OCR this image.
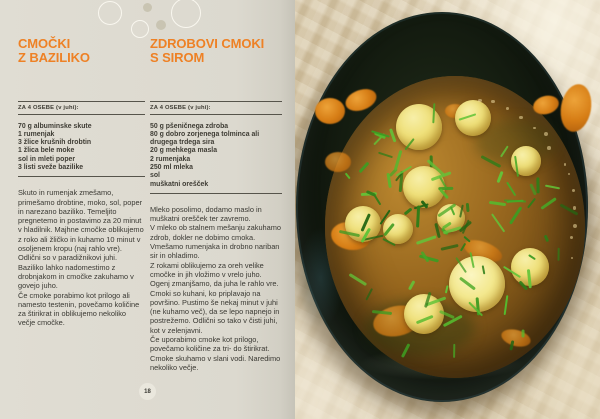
CMOČKI
Z BAZILIKO
ZA 4 OSEBE (v juhi):
70 g albuminske skute
1 rumenjak
3 žlice krušnih drobtin
1 žlica bele moke
sol in mleti poper
3 listi sveže bazilike

Skuto in rumenjak zmešamo, primešamo drobtine, moko, sol, poper in narezano baziliko. Temeljito pregnetemo in postavimo za 20 minut v hladilnik. Majhne cmočke oblikujemo z roko ali žličko in kuhamo 10 minut v osoljenem kropu (naj rahlo vre). Odlični so v paradižnikovi juhi.

Baziliko lahko nadomestimo z drobnjakom in cmočke zakuhamo v govejo juho.

Če cmoke porabimo kot prilogo ali namesto testenin, povečamo količine za štirikrat in oblikujemo nekoliko večje cmočke.

ZDROBOVI CMOKI
S SIROM
ZA 4 OSEBE (v juhi):
50 g pšeničnega zdroba
80 g dobro zorjenega tolminca ali drugega trdega sira
20 g mehkega masla
2 rumenjaka
250 ml mleka
sol
muškatni orešček

Mleko posolimo, dodamo maslo in muškatni orešček ter zavremo.

V mleko ob stalnem mešanju zakuhamo zdrob, dokler ne dobimo cmoka. Vmešamo rumenjaka in drobno nariban sir in ohladimo.

Z rokami oblikujemo za oreh velike cmočke in jih vložimo v vrelo juho. Ogenj zmanjšamo, da juha le rahlo vre. Cmoki so kuhani, ko priplavajo na površino. Pustimo še nekaj minut v juhi (ne kuhamo več), da se lepo napnejo in postrežemo. Odlični so tako v čisti juhi, kot v zelenjavni.

Če uporabimo cmoke kot prilogo, povečamo količine za tri- do štirikrat. Cmoke skuhamo v slani vodi. Naredimo nekoliko večje.

18
